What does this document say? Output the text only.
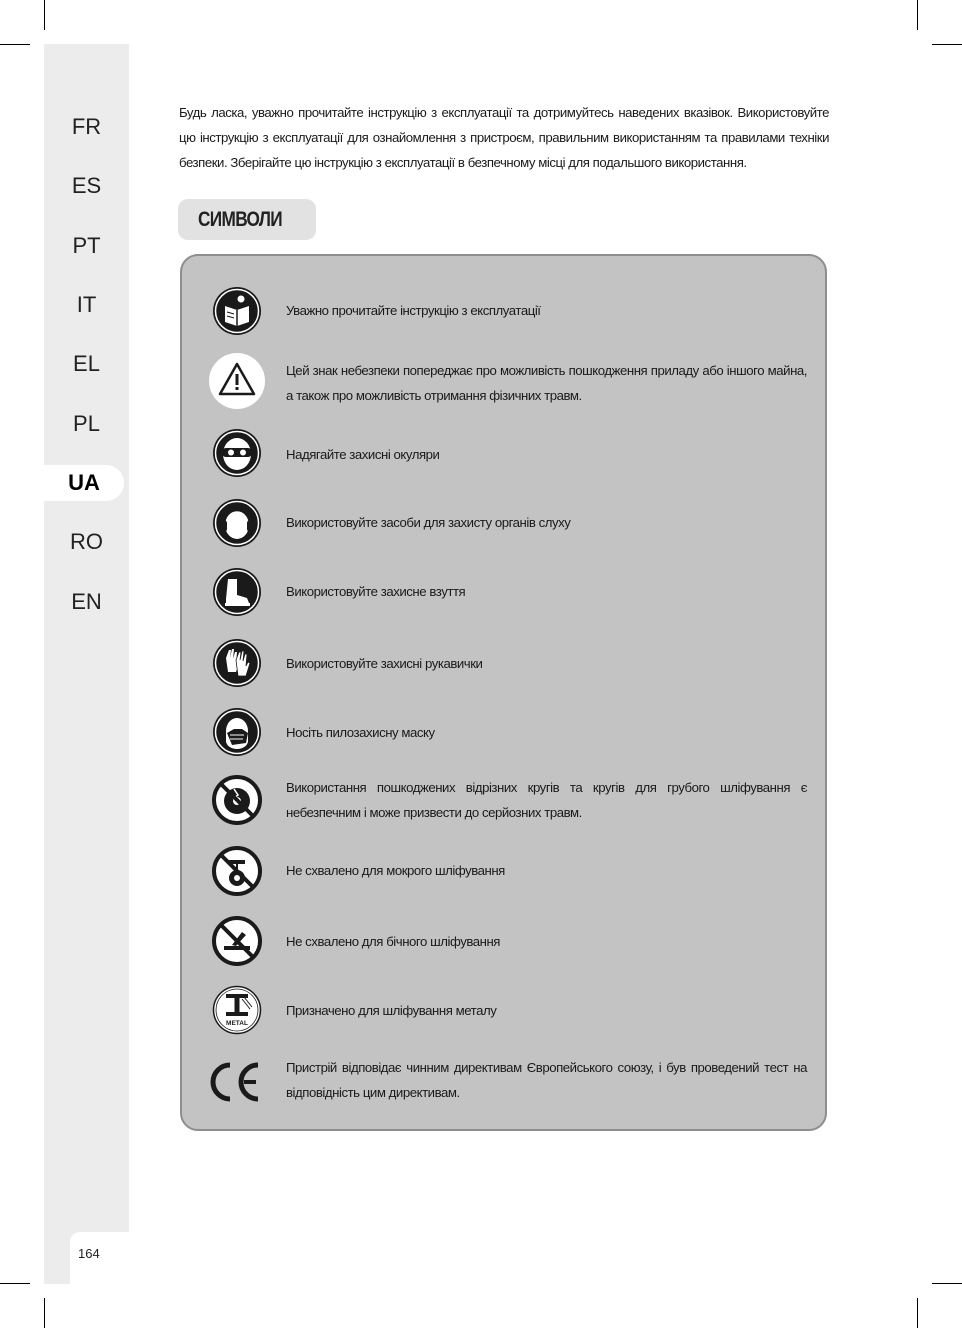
FR
ES
PT
IT
EL
PL
UA
RO
EN
164
Будь ласка, уважно прочитайте інструкцію з експлуатації та дотримуйтесь наведених вказівок. Використовуйте цю інструкцію з експлуатації для ознайомлення з пристроєм, правильним використанням та правилами техніки безпеки. Зберігайте цю інструкцію з експлуатації в безпечному місці для подальшого використання.
СИМВОЛИ
Уважно прочитайте інструкцію з експлуатації
Цей знак небезпеки попереджає про можливість пошкодження приладу або іншого майна, а також про можливість отримання фізичних травм.
Надягайте захисні окуляри
Використовуйте засоби для захисту органів слуху
Використовуйте захисне взуття
Використовуйте захисні рукавички
Носіть пилозахисну маску
Використання пошкоджених відрізних кругів та кругів для грубого шліфування є небезпечним і може призвести до серйозних травм.
Не схвалено для мокрого шліфування
Не схвалено для бічного шліфування
METAL
Призначено для шліфування металу
Пристрій відповідає чинним директивам Європейського союзу, і був проведений тест на відповідність цим директивам.
